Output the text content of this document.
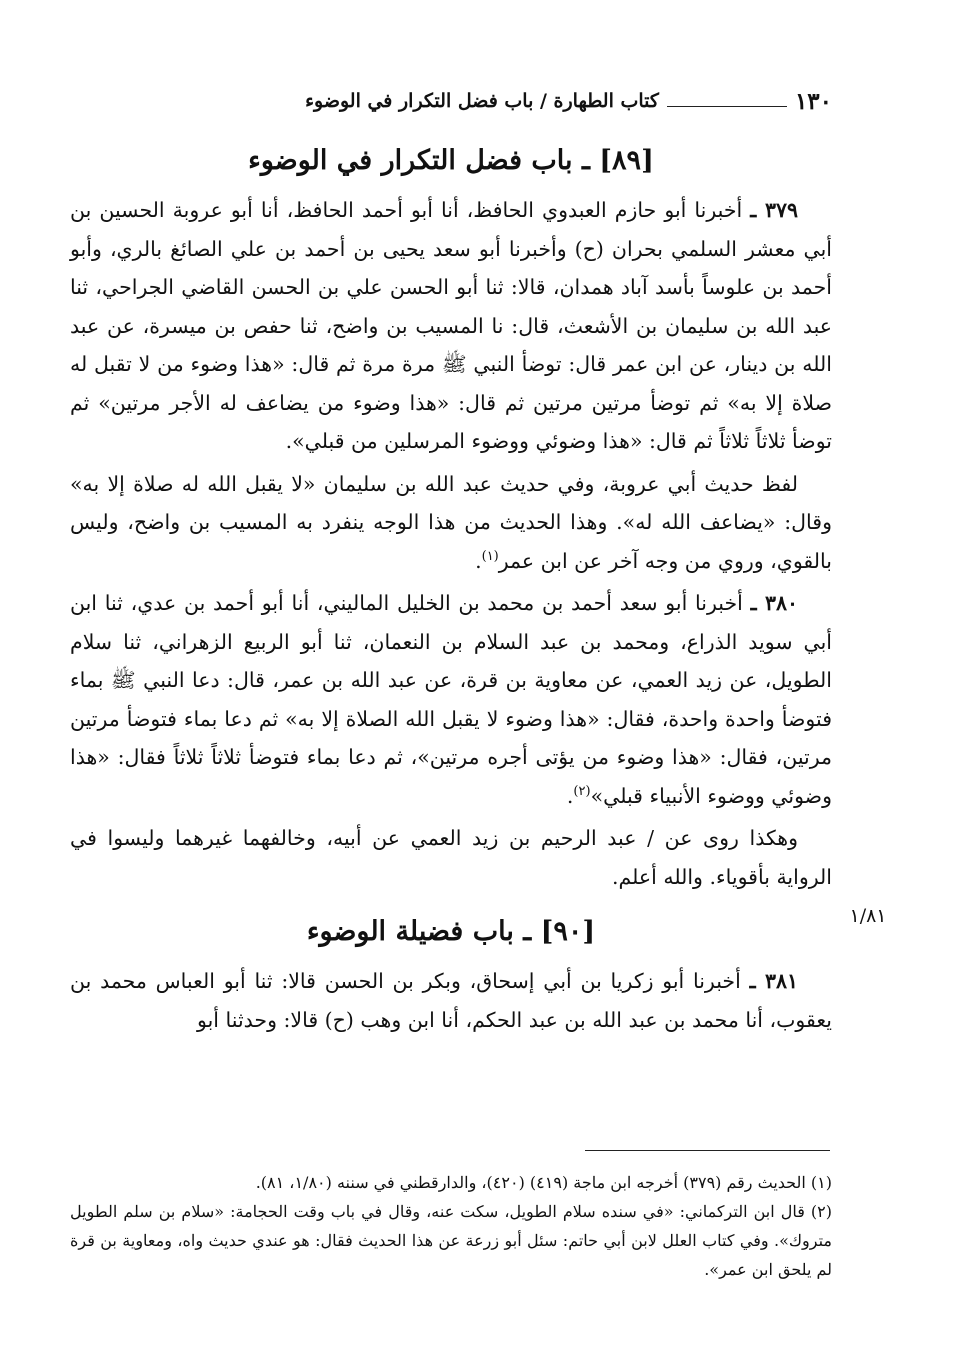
١٣٠
كتاب الطهارة / باب فضل التكرار في الوضوء
[٨٩] ـ باب فضل التكرار في الوضوء

٣٧٩ ـ أخبرنا أبو حازم العبدوي الحافظ، أنا أبو أحمد الحافظ، أنا أبو عروبة الحسين بن أبي معشر السلمي بحران (ح) وأخبرنا أبو سعد يحيى بن أحمد بن علي الصائغ بالري، وأبو أحمد بن علوساً بأسد آباد همدان، قالا: ثنا أبو الحسن علي بن الحسن القاضي الجراحي، ثنا عبد الله بن سليمان بن الأشعث، قال: نا المسيب بن واضح، ثنا حفص بن ميسرة، عن عبد الله بن دينار، عن ابن عمر قال: توضأ النبي ﷺ مرة مرة ثم قال: «هذا وضوء من لا تقبل له صلاة إلا به» ثم توضأ مرتين مرتين ثم قال: «هذا وضوء من يضاعف له الأجر مرتين» ثم توضأ ثلاثاً ثلاثاً ثم قال: «هذا وضوئي ووضوء المرسلين من قبلي».

لفظ حديث أبي عروبة، وفي حديث عبد الله بن سليمان «لا يقبل الله له صلاة إلا به» وقال: «يضاعف الله له». وهذا الحديث من هذا الوجه ينفرد به المسيب بن واضح، وليس بالقوي، وروي من وجه آخر عن ابن عمر$^{(١)}$.

٣٨٠ ـ أخبرنا أبو سعد أحمد بن محمد بن الخليل الماليني، أنا أبو أحمد بن عدي، ثنا ابن أبي سويد الذراع، ومحمد بن عبد السلام بن النعمان، ثنا أبو الربيع الزهراني، ثنا سلام الطويل، عن زيد العمي، عن معاوية بن قرة، عن عبد الله بن عمر، قال: دعا النبي ﷺ بماء فتوضأ واحدة واحدة، فقال: «هذا وضوء لا يقبل الله الصلاة إلا به» ثم دعا بماء فتوضأ مرتين مرتين، فقال: «هذا وضوء من يؤتى أجره مرتين»، ثم دعا بماء فتوضأ ثلاثاً ثلاثاً فقال: «هذا وضوئي ووضوء الأنبياء قبلي»$^{(٢)}$.

وهكذا روى عن / عبد الرحيم بن زيد العمي عن أبيه، وخالفهما غيرهما وليسوا في الرواية بأقوياء. والله أعلم.

[٩٠] ـ باب فضيلة الوضوء

٣٨١ ـ أخبرنا أبو زكريا بن أبي إسحاق، وبكر بن الحسن قالا: ثنا أبو العباس محمد بن يعقوب، أنا محمد بن عبد الله بن عبد الحكم، أنا ابن وهب (ح) قالا: وحدثنا أبو

١/٨١

(١) الحديث رقم (٣٧٩) أخرجه ابن ماجة (٤١٩) (٤٢٠)، والدارقطني في سننه (١/٨٠، ٨١).

(٢) قال ابن التركماني: «في سنده سلام الطويل، سكت عنه، وقال في باب وقت الحجامة: «سلام بن سلم الطويل متروك». وفي كتاب العلل لابن أبي حاتم: سئل أبو زرعة عن هذا الحديث فقال: هو عندي حديث واه، ومعاوية بن قرة لم يلحق ابن عمر».
